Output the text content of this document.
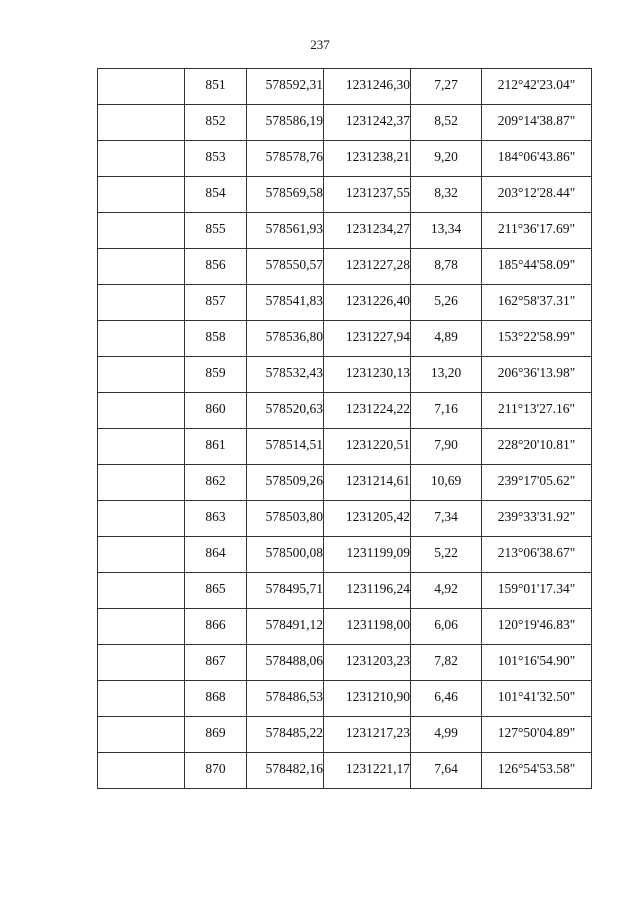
237
	851	578592,31	1231246,30	7,27	212°42'23.04"
	852	578586,19	1231242,37	8,52	209°14'38.87"
	853	578578,76	1231238,21	9,20	184°06'43.86"
	854	578569,58	1231237,55	8,32	203°12'28.44"
	855	578561,93	1231234,27	13,34	211°36'17.69"
	856	578550,57	1231227,28	8,78	185°44'58.09"
	857	578541,83	1231226,40	5,26	162°58'37.31"
	858	578536,80	1231227,94	4,89	153°22'58.99"
	859	578532,43	1231230,13	13,20	206°36'13.98"
	860	578520,63	1231224,22	7,16	211°13'27.16"
	861	578514,51	1231220,51	7,90	228°20'10.81"
	862	578509,26	1231214,61	10,69	239°17'05.62"
	863	578503,80	1231205,42	7,34	239°33'31.92"
	864	578500,08	1231199,09	5,22	213°06'38.67"
	865	578495,71	1231196,24	4,92	159°01'17.34"
	866	578491,12	1231198,00	6,06	120°19'46.83"
	867	578488,06	1231203,23	7,82	101°16'54.90"
	868	578486,53	1231210,90	6,46	101°41'32.50"
	869	578485,22	1231217,23	4,99	127°50'04.89"
	870	578482,16	1231221,17	7,64	126°54'53.58"
